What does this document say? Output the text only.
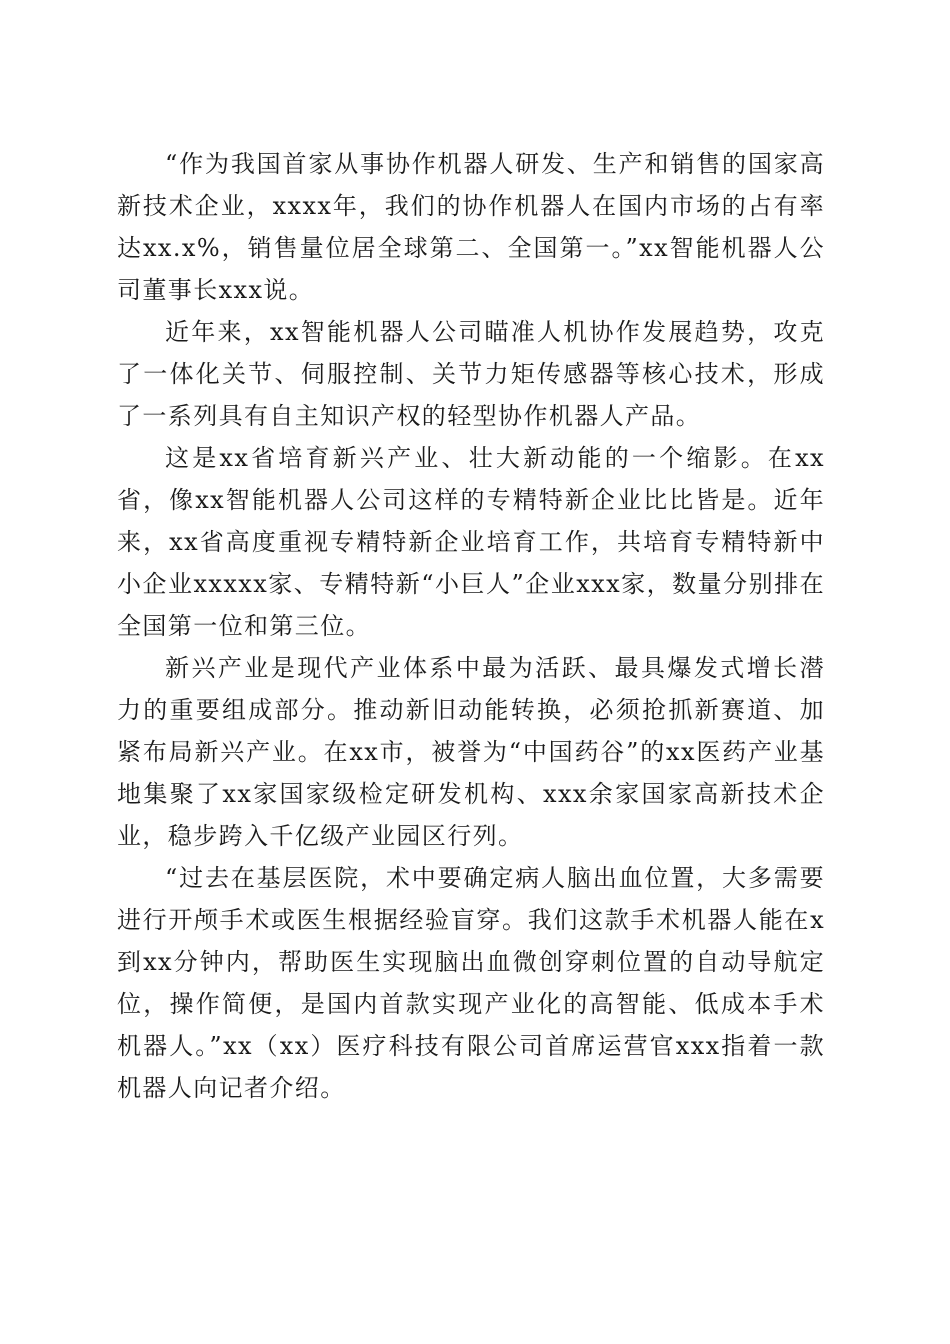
“作为我国首家从事协作机器人研发、生产和销售的国家高新技术企业，xxxx年，我们的协作机器人在国内市场的占有率达xx.x%，销售量位居全球第二、全国第一。”xx智能机器人公司董事长xxx说。

近年来，xx智能机器人公司瞄准人机协作发展趋势，攻克了一体化关节、伺服控制、关节力矩传感器等核心技术，形成了一系列具有自主知识产权的轻型协作机器人产品。

这是xx省培育新兴产业、壮大新动能的一个缩影。在xx省，像xx智能机器人公司这样的专精特新企业比比皆是。近年来，xx省高度重视专精特新企业培育工作，共培育专精特新中小企业xxxxx家、专精特新“小巨人”企业xxx家，数量分别排在全国第一位和第三位。

新兴产业是现代产业体系中最为活跃、最具爆发式增长潜力的重要组成部分。推动新旧动能转换，必须抢抓新赛道、加紧布局新兴产业。在xx市，被誉为“中国药谷”的xx医药产业基地集聚了xx家国家级检定研发机构、xxx余家国家高新技术企业，稳步跨入千亿级产业园区行列。

“过去在基层医院，术中要确定病人脑出血位置，大多需要进行开颅手术或医生根据经验盲穿。我们这款手术机器人能在x到xx分钟内，帮助医生实现脑出血微创穿刺位置的自动导航定位，操作简便，是国内首款实现产业化的高智能、低成本手术机器人。”xx（xx）医疗科技有限公司首席运营官xxx指着一款机器人向记者介绍。
